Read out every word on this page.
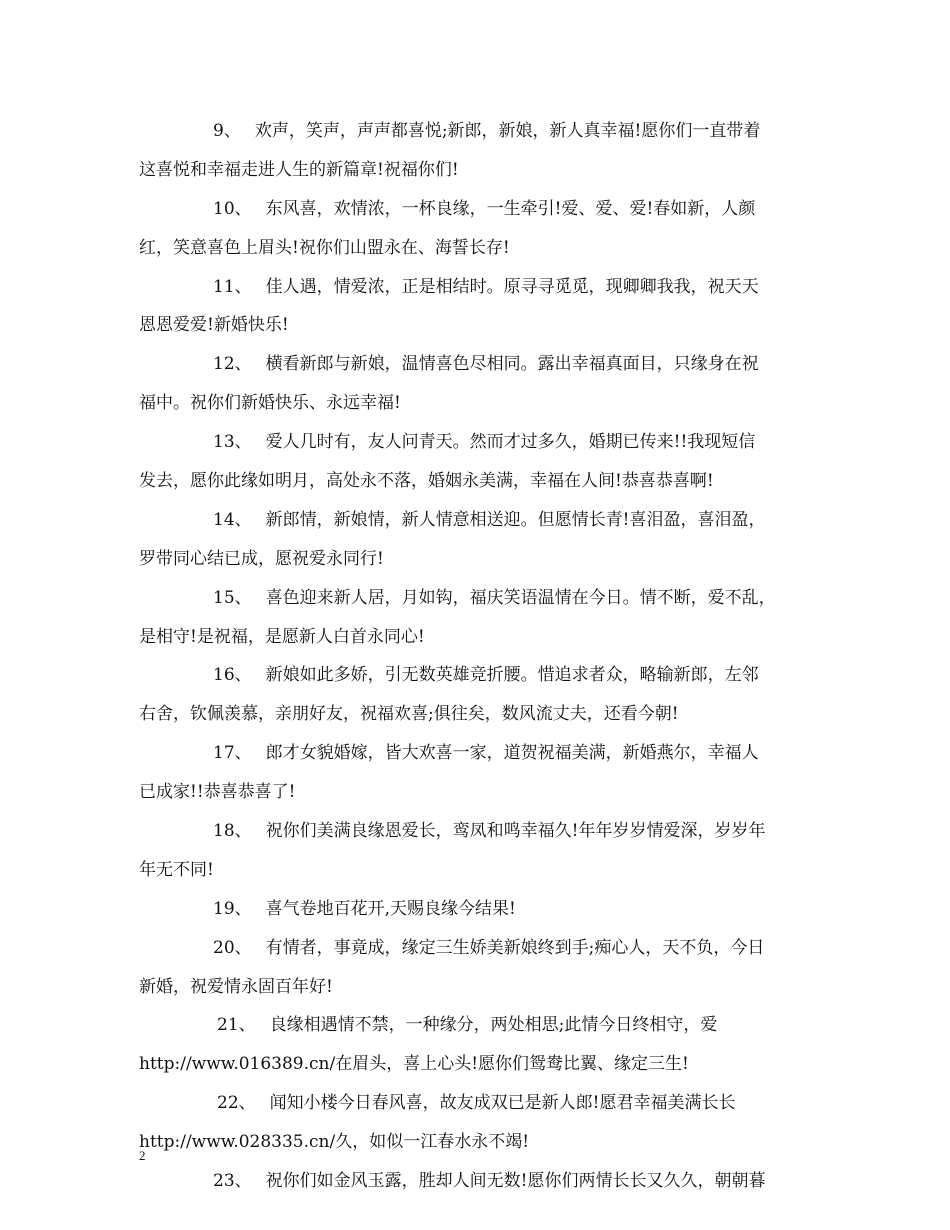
9、 欢声，笑声，声声都喜悦;新郎，新娘，新人真幸福!愿你们一直带着
这喜悦和幸福走进人生的新篇章!祝福你们!
10、 东风喜，欢情浓，一杯良缘，一生牵引!爱、爱、爱!春如新，人颜
红，笑意喜色上眉头!祝你们山盟永在、海誓长存!
11、 佳人遇，情爱浓，正是相结时。原寻寻觅觅，现卿卿我我，祝天天
恩恩爱爱!新婚快乐!
12、 横看新郎与新娘，温情喜色尽相同。露出幸福真面目，只缘身在祝
福中。祝你们新婚快乐、永远幸福!
13、 爱人几时有，友人问青天。然而才过多久，婚期已传来!!我现短信
发去，愿你此缘如明月，高处永不落，婚姻永美满，幸福在人间!恭喜恭喜啊!
14、 新郎情，新娘情，新人情意相送迎。但愿情长青!喜泪盈，喜泪盈，
罗带同心结已成，愿祝爱永同行!
15、 喜色迎来新人居，月如钩，福庆笑语温情在今日。情不断，爱不乱，
是相守!是祝福，是愿新人白首永同心!
16、 新娘如此多娇，引无数英雄竞折腰。惜追求者众，略输新郎，左邻
右舍，钦佩羡慕，亲朋好友，祝福欢喜;俱往矣，数风流丈夫，还看今朝!
17、 郎才女貌婚嫁，皆大欢喜一家，道贺祝福美满，新婚燕尔，幸福人
已成家!!恭喜恭喜了!
18、 祝你们美满良缘恩爱长，鸾凤和鸣幸福久!年年岁岁情爱深，岁岁年
年无不同!
19、 喜气卷地百花开,天赐良缘今结果!
20、 有情者，事竟成，缘定三生娇美新娘终到手;痴心人，天不负，今日
新婚，祝爱情永固百年好!
21、 良缘相遇情不禁，一种缘分，两处相思;此情今日终相守，爱
http://www.016389.cn/在眉头，喜上心头!愿你们鸳鸯比翼、缘定三生!
22、 闻知小楼今日春风喜，故友成双已是新人郎!愿君幸福美满长长
http://www.028335.cn/久，如似一江春水永不竭!
23、 祝你们如金风玉露，胜却人间无数!愿你们两情长长又久久，朝朝暮
2
